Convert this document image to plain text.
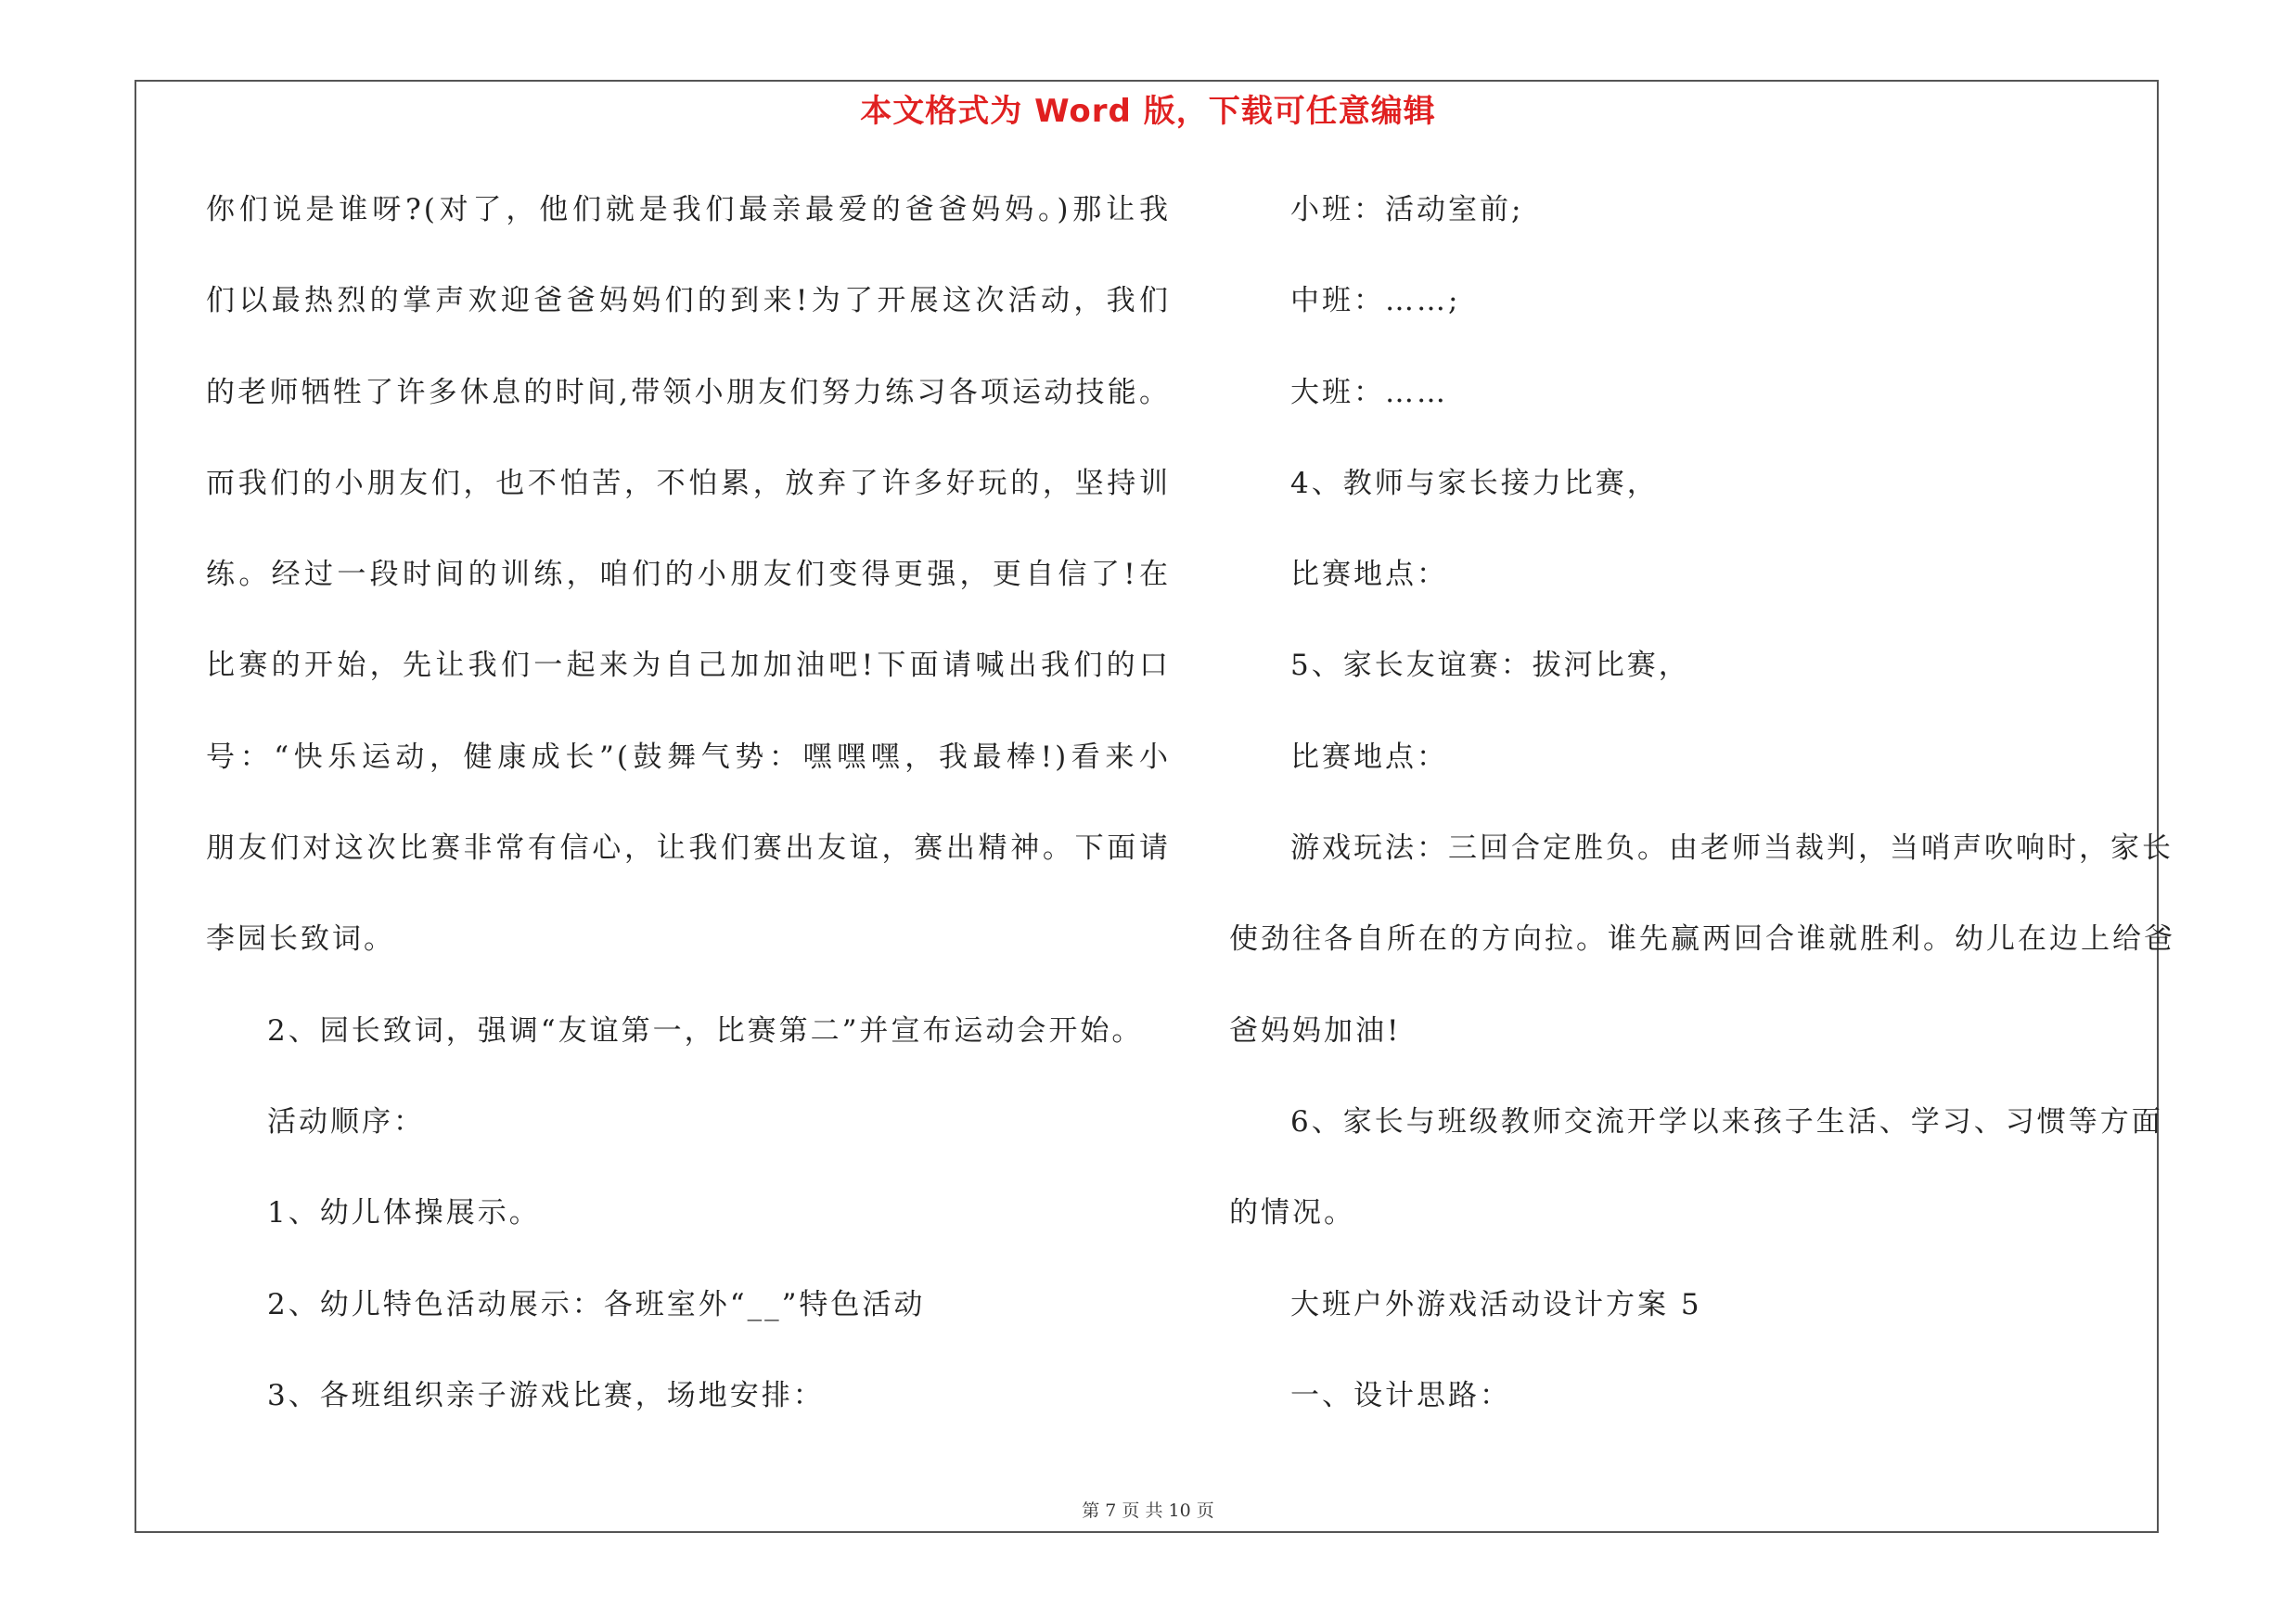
本文格式为 Word 版，下载可任意编辑
你们说是谁呀?(对了，他们就是我们最亲最爱的爸爸妈妈。)那让我
们以最热烈的掌声欢迎爸爸妈妈们的到来!为了开展这次活动，我们
的老师牺牲了许多休息的时间,带领小朋友们努力练习各项运动技能。
而我们的小朋友们，也不怕苦，不怕累，放弃了许多好玩的，坚持训
练。经过一段时间的训练，咱们的小朋友们变得更强，更自信了!在
比赛的开始，先让我们一起来为自己加加油吧!下面请喊出我们的口
号：“快乐运动，健康成长”(鼓舞气势：嘿嘿嘿，我最棒!)看来小
朋友们对这次比赛非常有信心，让我们赛出友谊，赛出精神。下面请
李园长致词。
2、园长致词，强调“友谊第一，比赛第二”并宣布运动会开始。
活动顺序：
1、幼儿体操展示。
2、幼儿特色活动展示：各班室外“__”特色活动
3、各班组织亲子游戏比赛，场地安排：
小班：活动室前;
中班：……;
大班：……
4、教师与家长接力比赛，
比赛地点：
5、家长友谊赛：拔河比赛，
比赛地点：
游戏玩法：三回合定胜负。由老师当裁判，当哨声吹响时，家长
使劲往各自所在的方向拉。谁先赢两回合谁就胜利。幼儿在边上给爸
爸妈妈加油!
6、家长与班级教师交流开学以来孩子生活、学习、习惯等方面
的情况。
大班户外游戏活动设计方案 5
一、设计思路：
第 7 页 共 10 页
